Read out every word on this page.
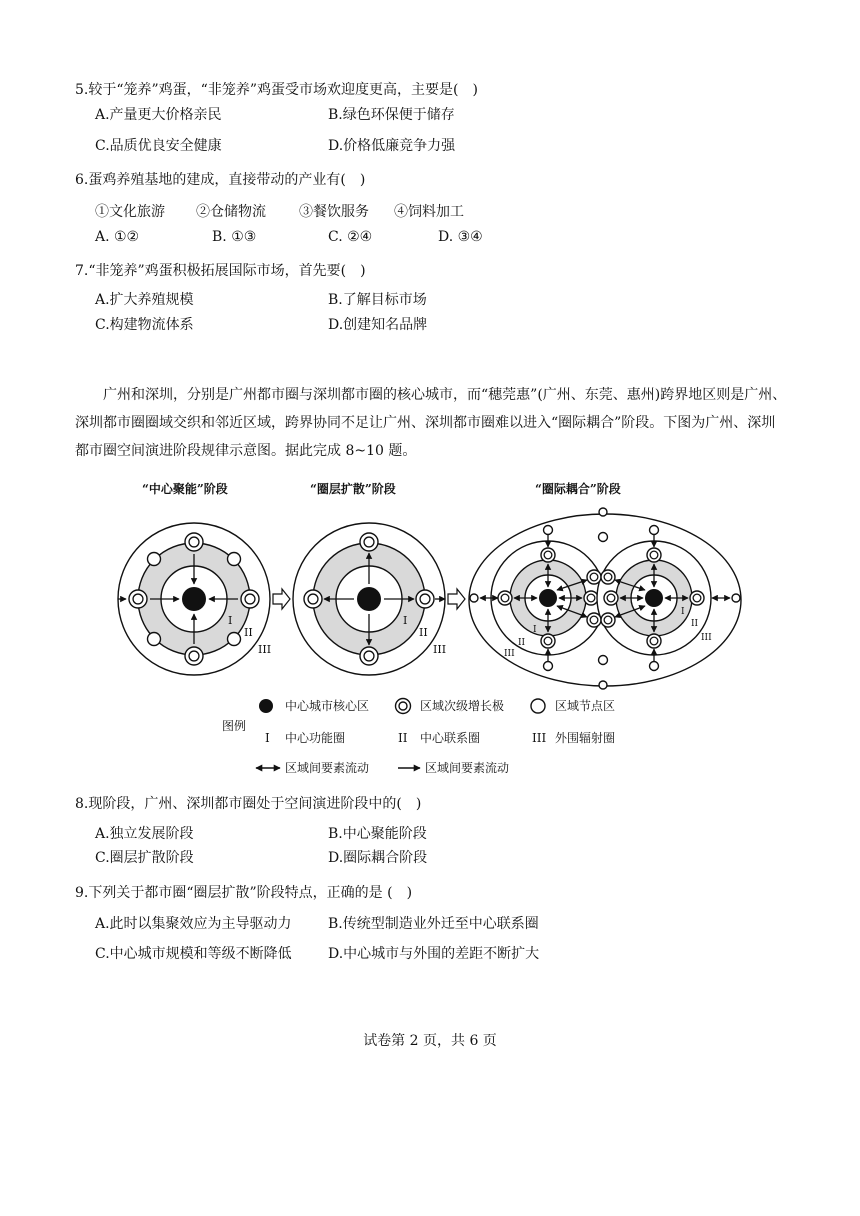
5.较于“笼养”鸡蛋，“非笼养”鸡蛋受市场欢迎度更高，主要是(　)
A.产量更大价格亲民	B.绿色环保便于储存
C.品质优良安全健康	D.价格低廉竞争力强
6.蛋鸡养殖基地的建成，直接带动的产业有(　)
①文化旅游 ②仓储物流 ③餐饮服务 ④饲料加工
A. ①②	B. ①③	C. ②④	D. ③④
7.“非笼养”鸡蛋积极拓展国际市场，首先要(　)
A.扩大养殖规模	B.了解目标市场
C.构建物流体系	D.创建知名品牌

广州和深圳，分别是广州都市圈与深圳都市圈的核心城市，而“穗莞惠”(广州、东莞、惠州)跨界地区则是广州、深圳都市圈圈域交织和邻近区域，跨界协同不足让广州、深圳都市圈难以进入“圈际耦合”阶段。下图为广州、深圳都市圈空间演进阶段规律示意图。据此完成 8~10 题。

“中心聚能”阶段	“圈层扩散”阶段	“圈际耦合”阶段
I
II
III
I
II
III
I
II
III
I
II
III
图例
中心城市核心区	区域次级增长极	区域节点区
I 中心功能圈	II 中心联系圈	III 外围辐射圈
区域间要素流动	区域间要素流动
8.现阶段，广州、深圳都市圈处于空间演进阶段中的(　)
A.独立发展阶段	B.中心聚能阶段
C.圈层扩散阶段	D.圈际耦合阶段
9.下列关于都市圈“圈层扩散”阶段特点，正确的是 (　)
A.此时以集聚效应为主导驱动力	B.传统型制造业外迁至中心联系圈
C.中心城市规模和等级不断降低	D.中心城市与外围的差距不断扩大
试卷第 2 页，共 6 页
